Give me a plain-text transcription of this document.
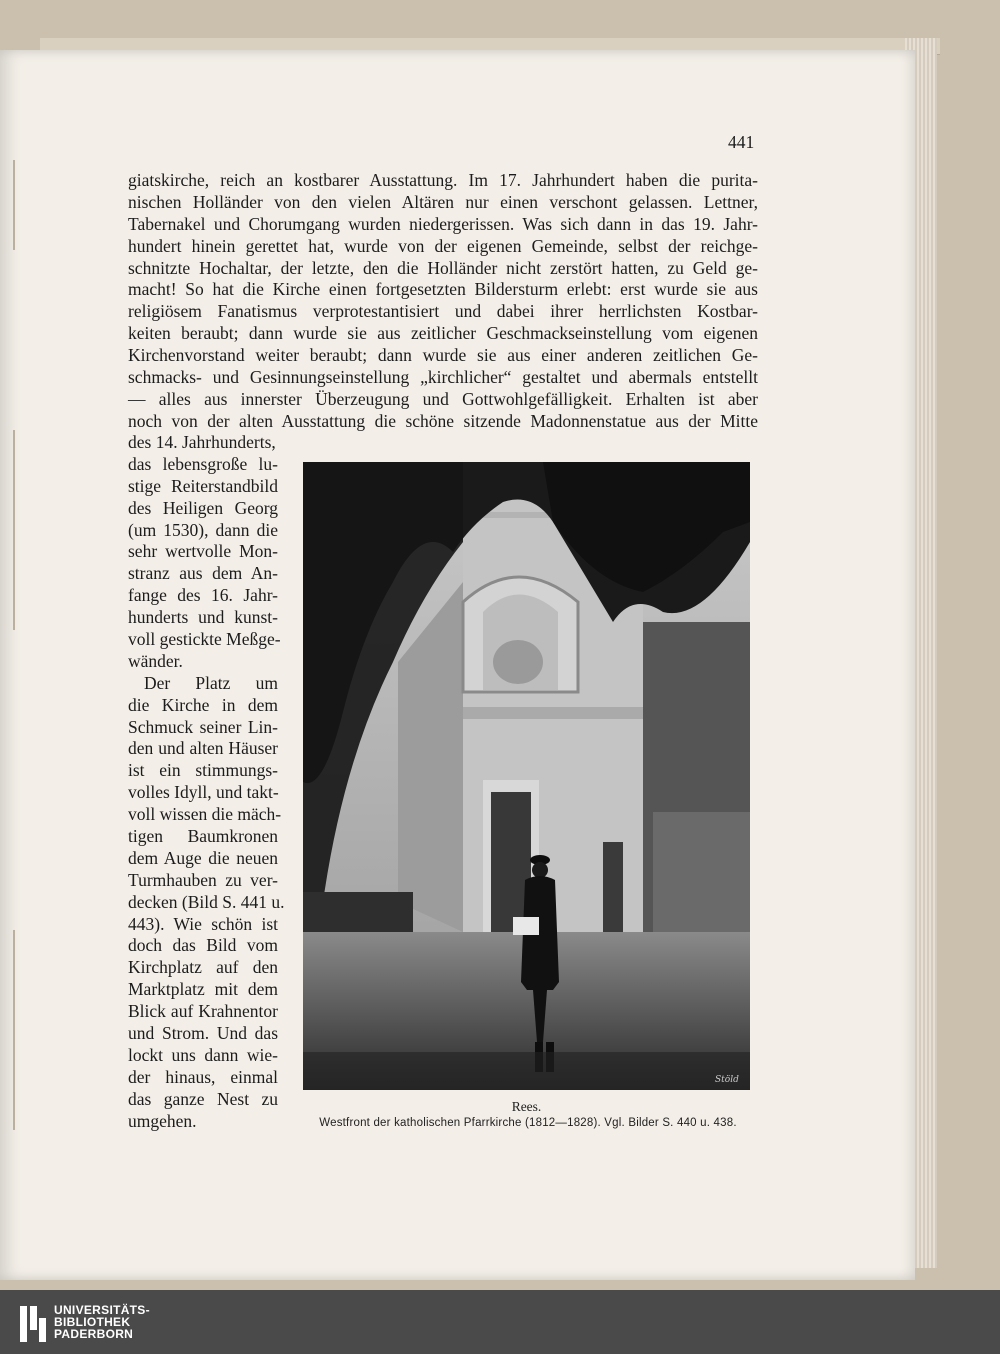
441
giatskirche, reich an kostbarer Ausstattung. Im 17. Jahrhundert haben die purita-
nischen Holländer von den vielen Altären nur einen verschont gelassen. Lettner,
Tabernakel und Chorumgang wurden niedergerissen. Was sich dann in das 19. Jahr-
hundert hinein gerettet hat, wurde von der eigenen Gemeinde, selbst der reichge-
schnitzte Hochaltar, der letzte, den die Holländer nicht zerstört hatten, zu Geld ge-
macht! So hat die Kirche einen fortgesetzten Bildersturm erlebt: erst wurde sie aus
religiösem Fanatismus verprotestantisiert und dabei ihrer herrlichsten Kostbar-
keiten beraubt; dann wurde sie aus zeitlicher Geschmackseinstellung vom eigenen
Kirchenvorstand weiter beraubt; dann wurde sie aus einer anderen zeitlichen Ge-
schmacks- und Gesinnungseinstellung „kirchlicher“ gestaltet und abermals entstellt
— alles aus innerster Überzeugung und Gottwohlgefälligkeit. Erhalten ist aber
noch von der alten Ausstattung die schöne sitzende Madonnenstatue aus der Mitte
des 14. Jahrhunderts,
das lebensgroße lu-
stige Reiterstandbild
des Heiligen Georg
(um 1530), dann die
sehr wertvolle Mon-
stranz aus dem An-
fange des 16. Jahr-
hunderts und kunst-
voll gestickte Meßge-
wänder.
Der Platz um
die Kirche in dem
Schmuck seiner Lin-
den und alten Häuser
ist ein stimmungs-
volles Idyll, und takt-
voll wissen die mäch-
tigen Baumkronen
dem Auge die neuen
Turmhauben zu ver-
decken (Bild S. 441 u.
443). Wie schön ist
doch das Bild vom
Kirchplatz auf den
Marktplatz mit dem
Blick auf Krahnentor
und Strom. Und das
lockt uns dann wie-
der hinaus, einmal
das ganze Nest zu
umgehen.
Stöld
Rees.
Westfront der katholischen Pfarrkirche (1812—1828). Vgl. Bilder S. 440 u. 438.
UNIVERSITÄTS-
BIBLIOTHEK
PADERBORN
